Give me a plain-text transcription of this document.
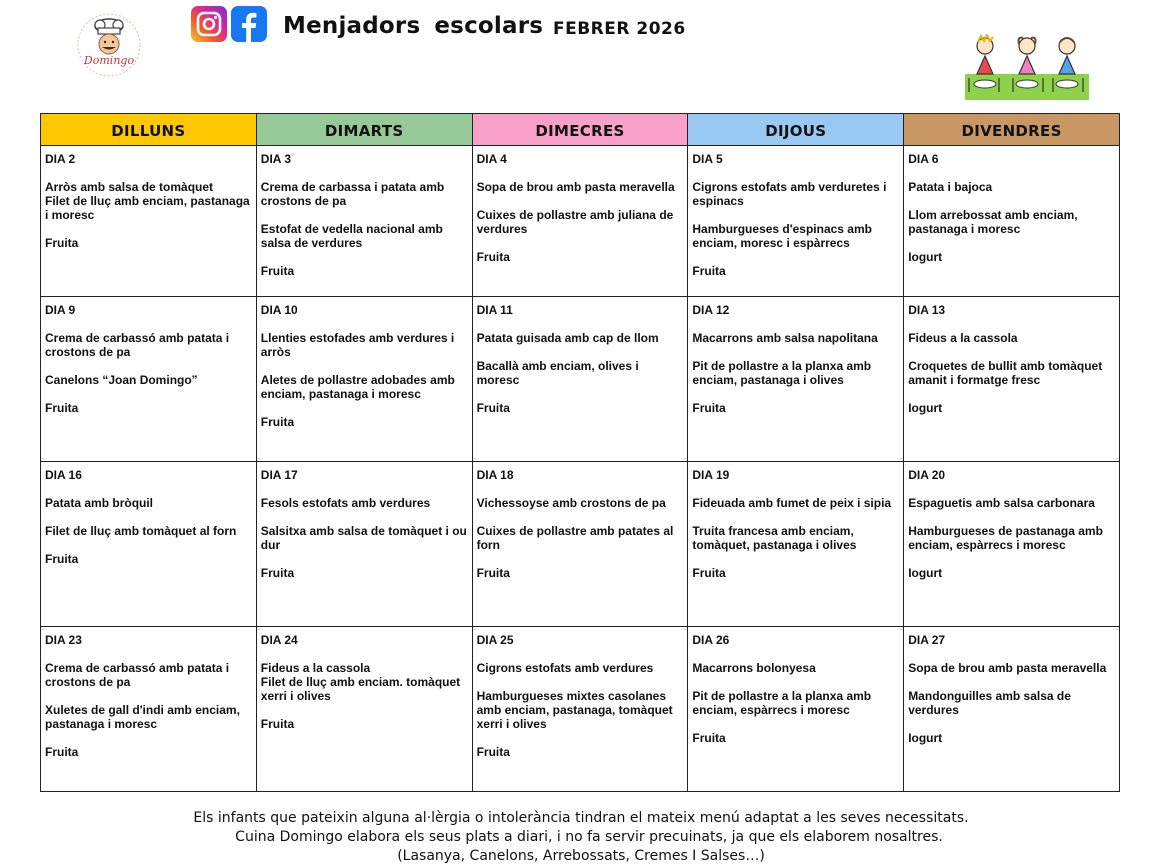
Domingo
Menjadors escolars FEBRER 2026
DILLUNS	DIMARTS	DIMECRES	DIJOUS	DIVENDRES

DIA 2
Arròs amb salsa de tomàquet
Filet de lluç amb enciam, pastanaga i moresc
Fruita	DIA 3
Crema de carbassa i patata amb crostons de pa
Estofat de vedella nacional amb salsa de verdures
Fruita	DIA 4
Sopa de brou amb pasta meravella
Cuixes de pollastre amb juliana de verdures
Fruita	DIA 5
Cigrons estofats amb verduretes i espinacs
Hamburgueses d'espinacs amb enciam, moresc i espàrrecs
Fruita	DIA 6
Patata i bajoca
Llom arrebossat amb enciam, pastanaga i moresc
Iogurt

DIA 9
Crema de carbassó amb patata i crostons de pa
Canelons “Joan Domingo”
Fruita	DIA 10
Llenties estofades amb verdures i arròs
Aletes de pollastre adobades amb enciam, pastanaga i moresc
Fruita	DIA 11
Patata guisada amb cap de llom
Bacallà amb enciam, olives i moresc
Fruita	DIA 12
Macarrons amb salsa napolitana
Pit de pollastre a la planxa amb enciam, pastanaga i olives
Fruita	DIA 13
Fideus a la cassola
Croquetes de bullit amb tomàquet amanit i formatge fresc
Iogurt

DIA 16
Patata amb bròquil
Filet de lluç amb tomàquet al forn
Fruita	DIA 17
Fesols estofats amb verdures
Salsitxa amb salsa de tomàquet i ou dur
Fruita	DIA 18
Vichessoyse amb crostons de pa
Cuixes de pollastre amb patates al forn
Fruita	DIA 19
Fideuada amb fumet de peix i sipia
Truita francesa amb enciam, tomàquet, pastanaga i olives
Fruita	DIA 20
Espaguetis amb salsa carbonara
Hamburgueses de pastanaga amb enciam, espàrrecs i moresc
Iogurt

DIA 23
Crema de carbassó amb patata i crostons de pa
Xuletes de gall d'indi amb enciam, pastanaga i moresc
Fruita	DIA 24
Fideus a la cassola
Filet de lluç amb enciam. tomàquet xerri i olives
Fruita	DIA 25
Cigrons estofats amb verdures
Hamburgueses mixtes casolanes amb enciam, pastanaga, tomàquet xerri i olives
Fruita	DIA 26
Macarrons bolonyesa
Pit de pollastre a la planxa amb enciam, espàrrecs i moresc
Fruita	DIA 27
Sopa de brou amb pasta meravella
Mandonguilles amb salsa de verdures
Iogurt

Els infants que pateixin alguna al·lèrgia o intolerància tindran el mateix menú adaptat a les seves necessitats.

Cuina Domingo elabora els seus plats a diari, i no fa servir precuinats, ja que els elaborem nosaltres.

(Lasanya, Canelons, Arrebossats, Cremes I Salses…)
